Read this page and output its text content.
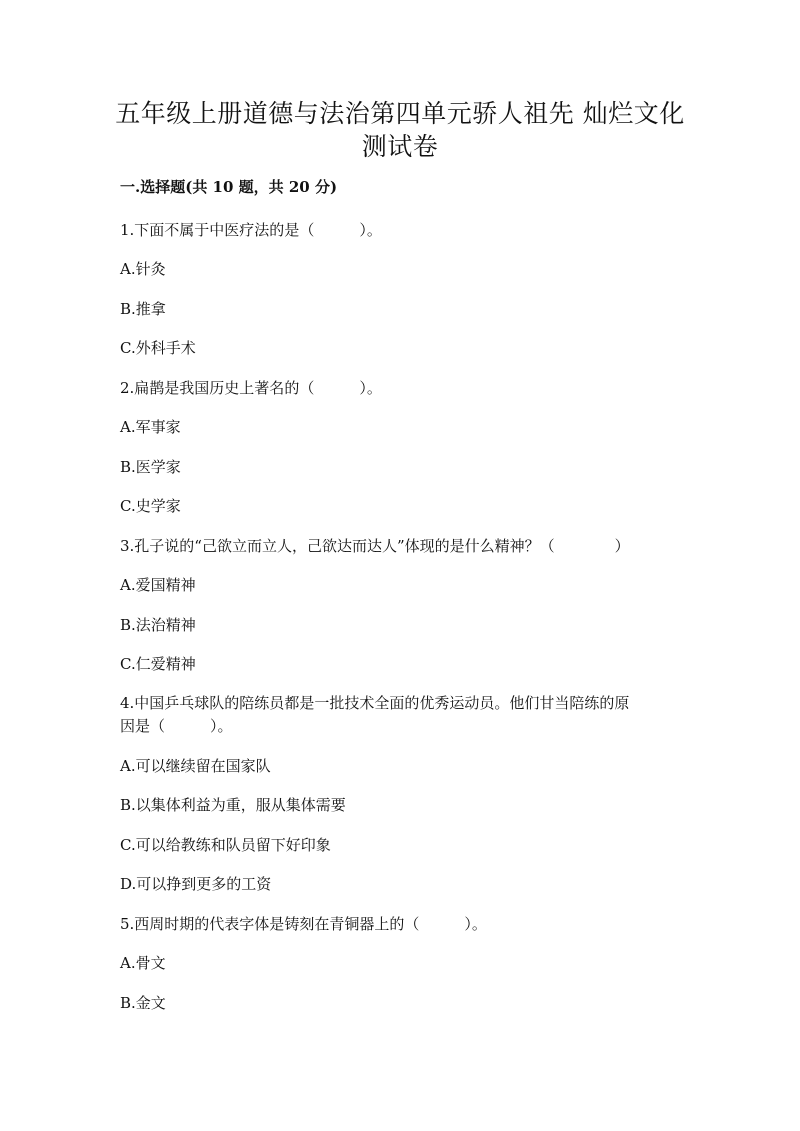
五年级上册道德与法治第四单元骄人祖先 灿烂文化
测试卷
一.选择题(共 10 题，共 20 分)
1.下面不属于中医疗法的是（　　　）。
A.针灸
B.推拿
C.外科手术
2.扁鹊是我国历史上著名的（　　　）。
A.军事家
B.医学家
C.史学家
3.孔子说的“己欲立而立人，己欲达而达人”体现的是什么精神？（　　　　）
A.爱国精神
B.法治精神
C.仁爱精神
4.中国乒乓球队的陪练员都是一批技术全面的优秀运动员。他们甘当陪练的原
因是（　　　）。
A.可以继续留在国家队
B.以集体利益为重，服从集体需要
C.可以给教练和队员留下好印象
D.可以挣到更多的工资
5.西周时期的代表字体是铸刻在青铜器上的（　　　）。
A.骨文
B.金文
